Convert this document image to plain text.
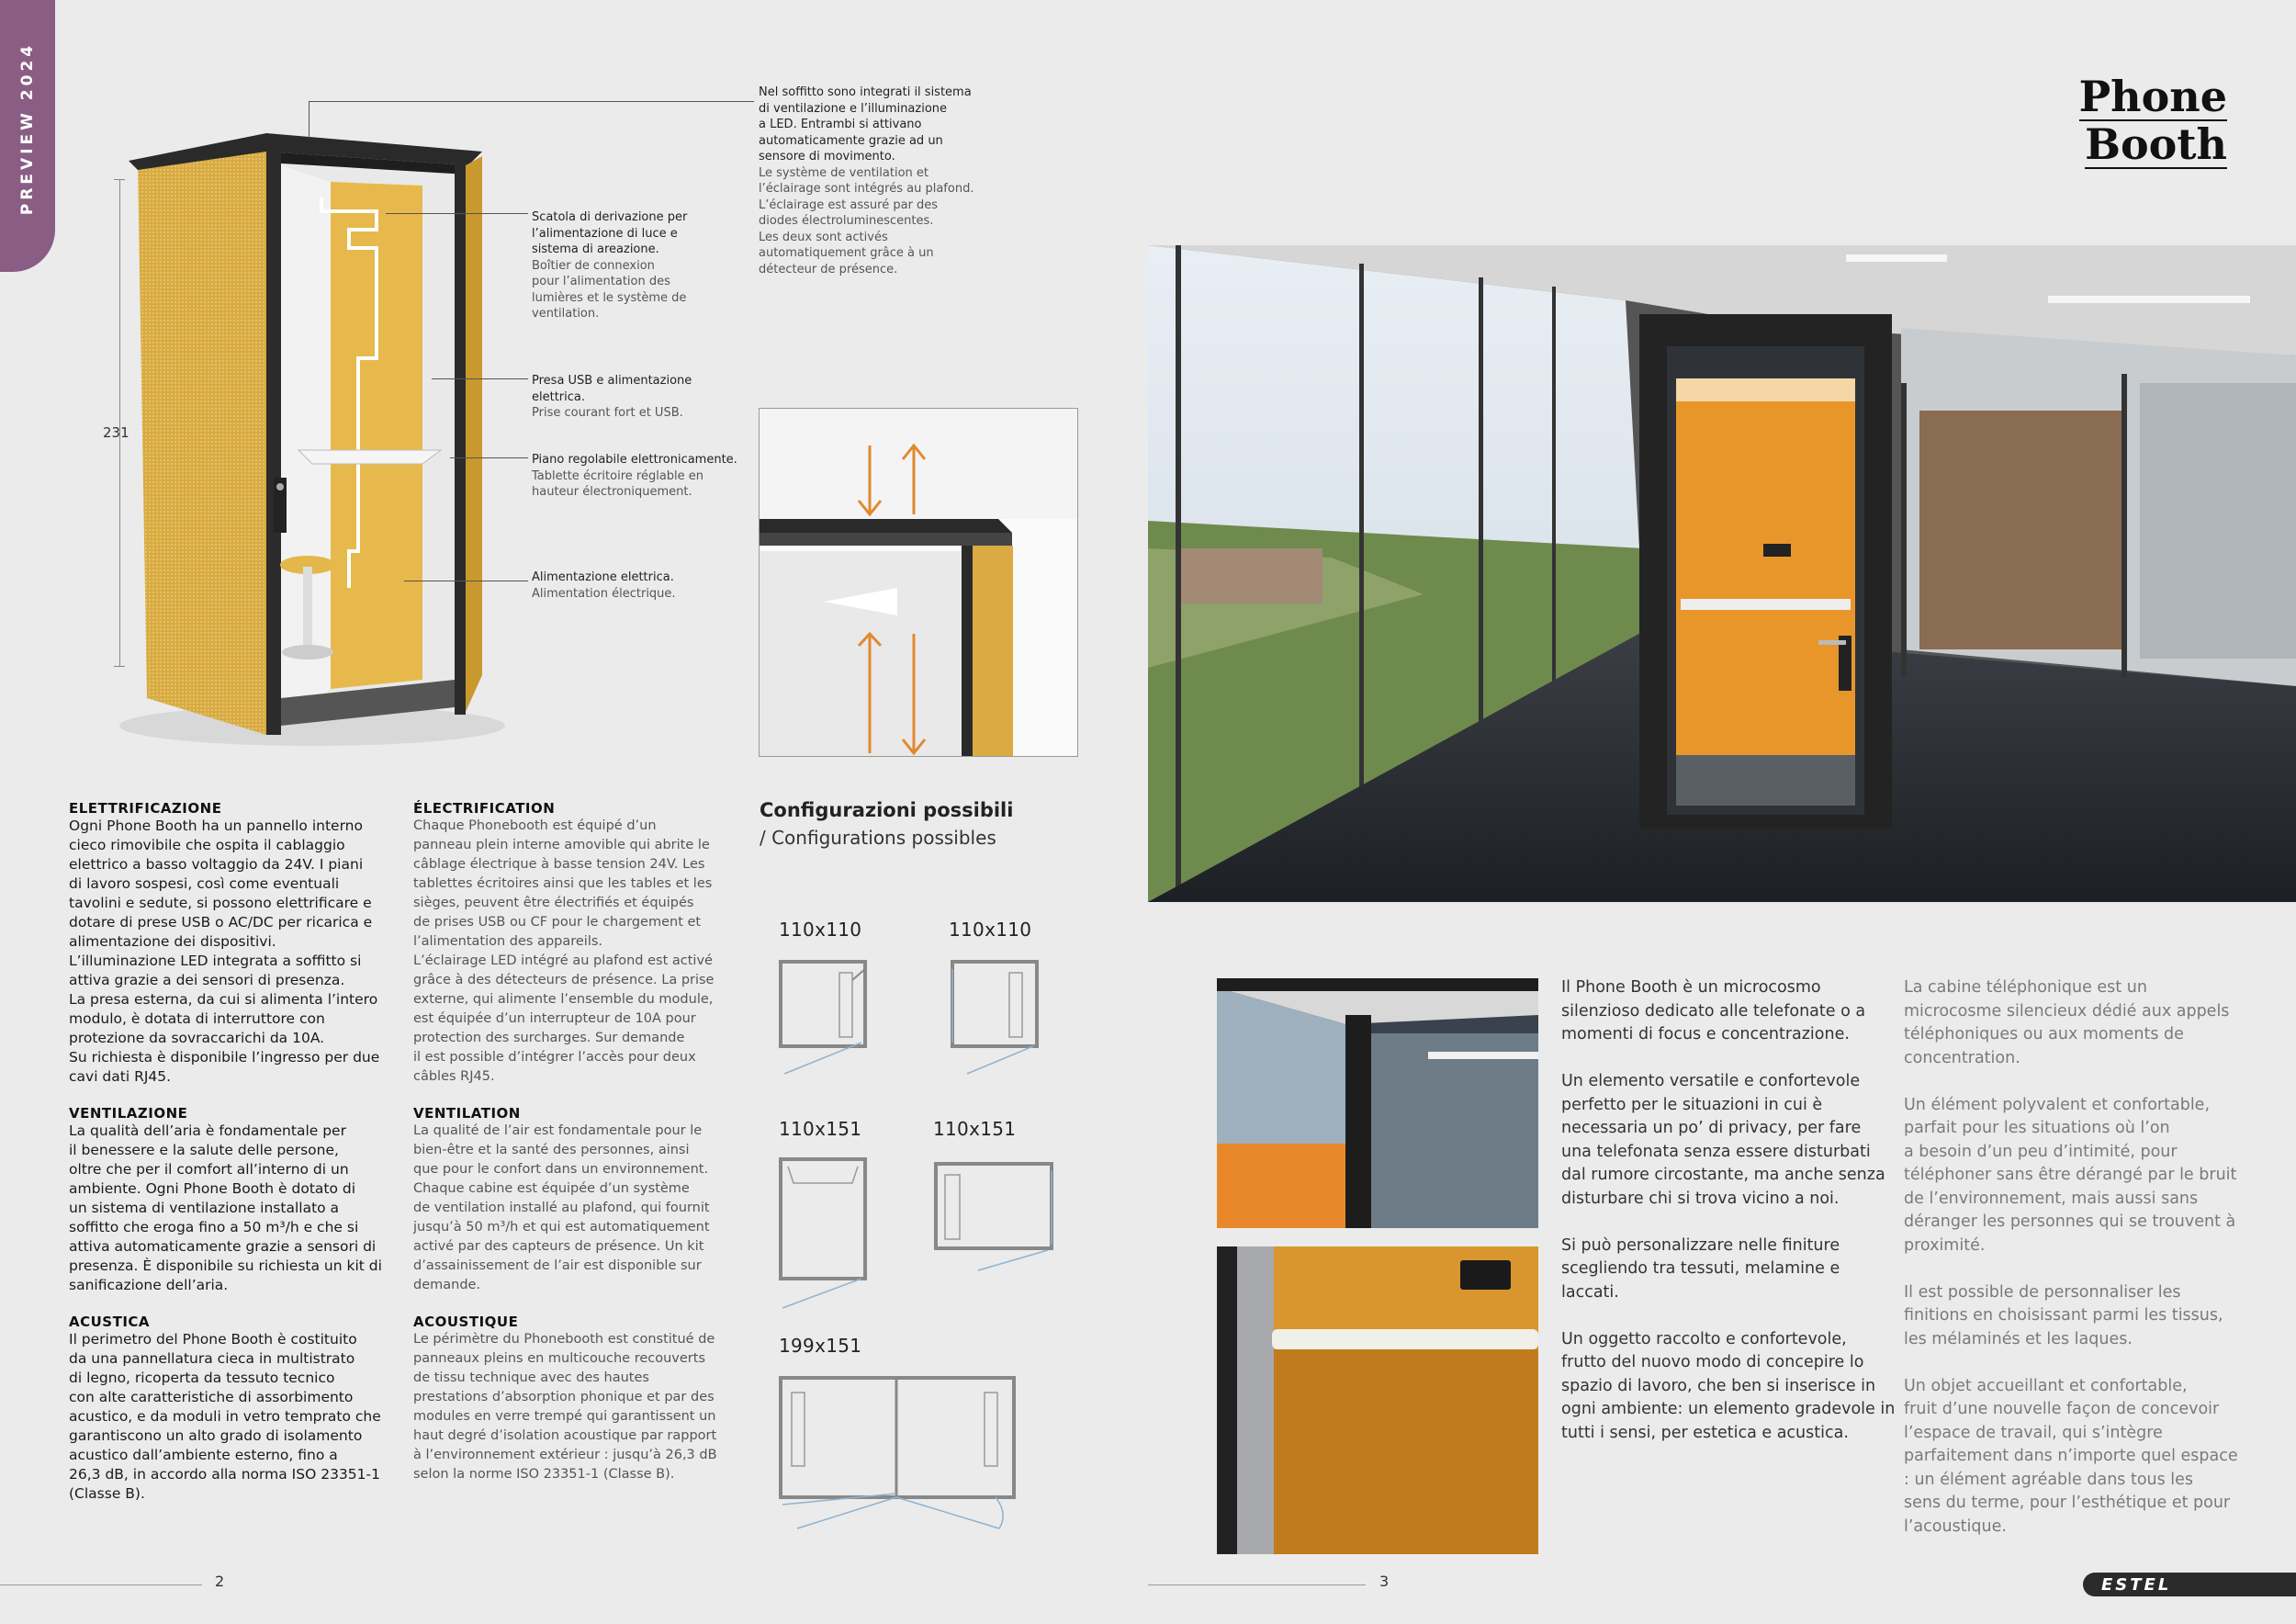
PREVIEW 2024
231
Nel soffitto sono integrati il sistema
di ventilazione e l’illuminazione
a LED. Entrambi si attivano
automaticamente grazie ad un
sensore di movimento.
Le système de ventilation et
l’éclairage sont intégrés au plafond.
L’éclairage est assuré par des
diodes électroluminescentes.
Les deux sont activés
automatiquement grâce à un
détecteur de présence.
Scatola di derivazione per
l’alimentazione di luce e
sistema di areazione.
Boîtier de connexion
pour l’alimentation des
lumières et le système de
ventilation.
Presa USB e alimentazione
elettrica.
Prise courant fort et USB.
Piano regolabile elettronicamente.
Tablette écritoire réglable en
hauteur électroniquement.
Alimentazione elettrica.
Alimentation électrique.
ELETTRIFICAZIONE
Ogni Phone Booth ha un pannello interno
cieco rimovibile che ospita il cablaggio
elettrico a basso voltaggio da 24V. I piani
di lavoro sospesi, così come eventuali
tavolini e sedute, si possono elettrificare e
dotare di prese USB o AC/DC per ricarica e
alimentazione dei dispositivi.
L’illuminazione LED integrata a soffitto si
attiva grazie a dei sensori di presenza.
La presa esterna, da cui si alimenta l’intero
modulo, è dotata di interruttore con
protezione da sovraccarichi da 10A.
Su richiesta è disponibile l’ingresso per due
cavi dati RJ45.
VENTILAZIONE
La qualità dell’aria è fondamentale per
il benessere e la salute delle persone,
oltre che per il comfort all’interno di un
ambiente. Ogni Phone Booth è dotato di
un sistema di ventilazione installato a
soffitto che eroga fino a 50 m³/h e che si
attiva automaticamente grazie a sensori di
presenza. È disponibile su richiesta un kit di
sanificazione dell’aria.
ACUSTICA
Il perimetro del Phone Booth è costituito
da una pannellatura cieca in multistrato
di legno, ricoperta da tessuto tecnico
con alte caratteristiche di assorbimento
acustico, e da moduli in vetro temprato che
garantiscono un alto grado di isolamento
acustico dall’ambiente esterno, fino a
26,3 dB, in accordo alla norma ISO 23351-1
(Classe B).
ÉLECTRIFICATION
Chaque Phonebooth est équipé d’un
panneau plein interne amovible qui abrite le
câblage électrique à basse tension 24V. Les
tablettes écritoires ainsi que les tables et les
sièges, peuvent être électrifiés et équipés
de prises USB ou CF pour le chargement et
l’alimentation des appareils.
L’éclairage LED intégré au plafond est activé
grâce à des détecteurs de présence. La prise
externe, qui alimente l’ensemble du module,
est équipée d’un interrupteur de 10A pour
protection des surcharges. Sur demande
il est possible d’intégrer l’accès pour deux
câbles RJ45.
VENTILATION
La qualité de l’air est fondamentale pour le
bien-être et la santé des personnes, ainsi
que pour le confort dans un environnement.
Chaque cabine est équipée d’un système
de ventilation installé au plafond, qui fournit
jusqu’à 50 m³/h et qui est automatiquement
activé par des capteurs de présence. Un kit
d’assainissement de l’air est disponible sur
demande.
ACOUSTIQUE
Le périmètre du Phonebooth est constitué de
panneaux pleins en multicouche recouverts
de tissu technique avec des hautes
prestations d’absorption phonique et par des
modules en verre trempé qui garantissent un
haut degré d’isolation acoustique par rapport
à l’environnement extérieur : jusqu’à 26,3 dB
selon la norme ISO 23351-1 (Classe B).
Configurazioni possibili
/ Configurations possibles
110x110	110x110
110x151	110x151
199x151
2
Phone
Booth
Il Phone Booth è un microcosmo
silenzioso dedicato alle telefonate o a
momenti di focus e concentrazione.

Un elemento versatile e confortevole
perfetto per le situazioni in cui è
necessaria un po’ di privacy, per fare
una telefonata senza essere disturbati
dal rumore circostante, ma anche senza
disturbare chi si trova vicino a noi.

Si può personalizzare nelle finiture
scegliendo tra tessuti, melamine e
laccati.

Un oggetto raccolto e confortevole,
frutto del nuovo modo di concepire lo
spazio di lavoro, che ben si inserisce in
ogni ambiente: un elemento gradevole in
tutti i sensi, per estetica e acustica.
La cabine téléphonique est un
microcosme silencieux dédié aux appels
téléphoniques ou aux moments de
concentration.

Un élément polyvalent et confortable,
parfait pour les situations où l’on
a besoin d’un peu d’intimité, pour
téléphoner sans être dérangé par le bruit
de l’environnement, mais aussi sans
déranger les personnes qui se trouvent à
proximité.

Il est possible de personnaliser les
finitions en choisissant parmi les tissus,
les mélaminés et les laques.

Un objet accueillant et confortable,
fruit d’une nouvelle façon de concevoir
l’espace de travail, qui s’intègre
parfaitement dans n’importe quel espace
: un élément agréable dans tous les
sens du terme, pour l’esthétique et pour
l’acoustique.
3	ESTEL
